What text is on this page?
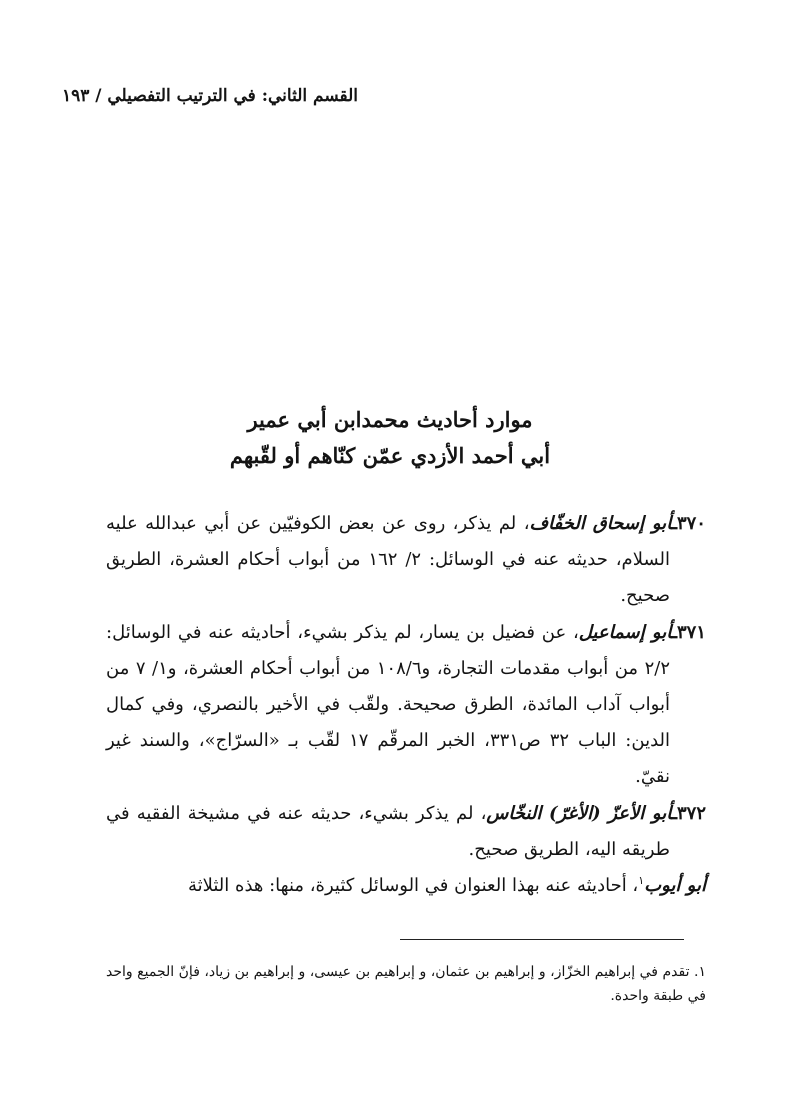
القسم الثاني: في الترتيب التفصيلي / ١٩٣
موارد أحاديث محمدابن أبي عمير
أبي أحمد الأزدي عمّن كنّاهم أو لقّبهم

٣٧٠ـأبو إسحاق الخفّاف، لم يذكر، روى عن بعض الكوفيّين عن أبي عبدالله عليه السلام، حديثه عنه في الوسائل: ٢/ ١٦٢ من أبواب أحكام العشرة، الطريق صحيح.

٣٧١ـأبو إسماعيل، عن فضيل بن يسار، لم يذكر بشيء، أحاديثه عنه في الوسائل: ٢/٢ من أبواب مقدمات التجارة، و١٠٨/٦ من أبواب أحكام العشرة، و١/ ٧ من أبواب آداب المائدة، الطرق صحيحة. ولقّب في الأخير بالنصري، وفي كمال الدين: الباب ٣٢ ص٣٣١، الخبر المرقّم ١٧ لقّب بـ «السرّاج»، والسند غير نقيّ.

٣٧٢ـأبو الأعزّ (الأغرّ) النخّاس، لم يذكر بشيء، حديثه عنه في مشيخة الفقيه في طريقه اليه، الطريق صحيح.

أبو أيوب$^١$، أحاديثه عنه بهذا العنوان في الوسائل كثيرة، منها: هذه الثلاثة

١. تقدم في إبراهيم الخزّاز، و إبراهيم بن عثمان، و إبراهيم بن عيسى، و إبراهيم بن زياد، فإنّ الجميع واحد في طبقة واحدة.
